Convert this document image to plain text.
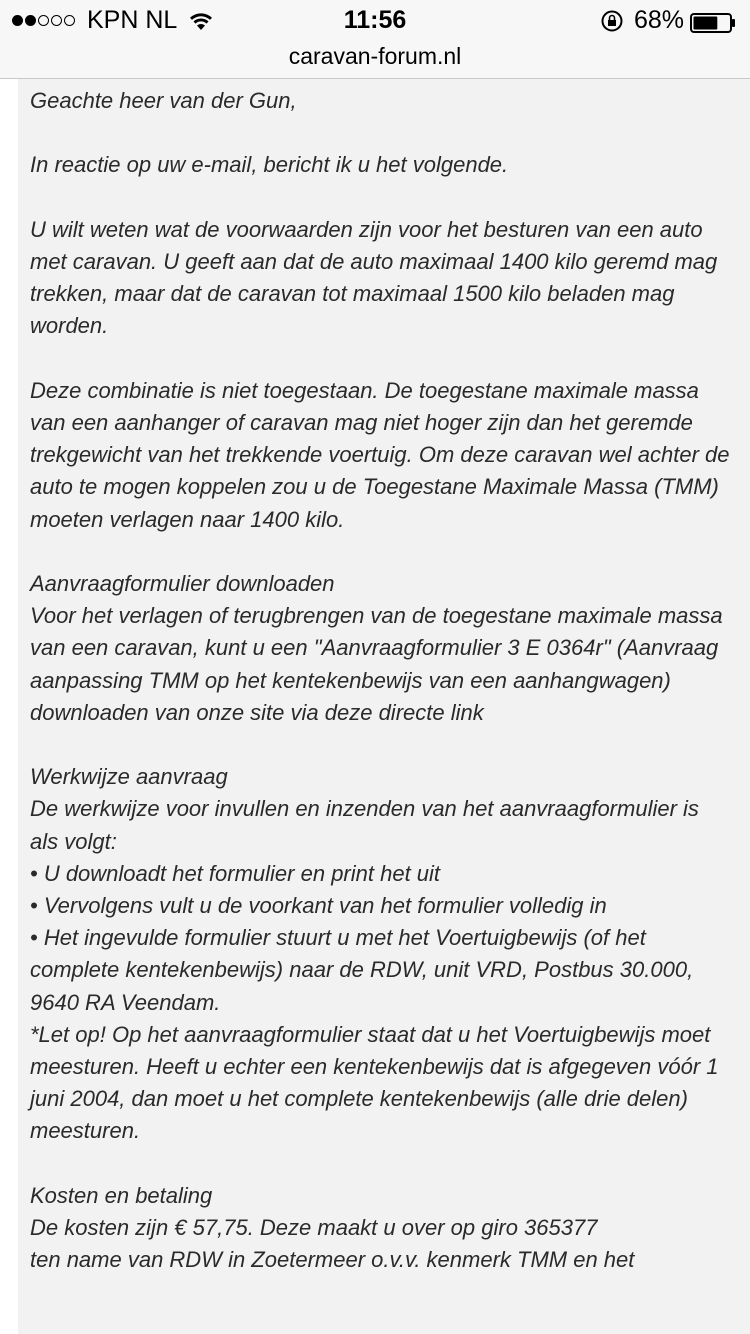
KPN NL	11:56	68%
caravan-forum.nl

Geachte heer van der Gun,

In reactie op uw e-mail, bericht ik u het volgende.

U wilt weten wat de voorwaarden zijn voor het besturen van een auto met caravan. U geeft aan dat de auto maximaal 1400 kilo geremd mag trekken, maar dat de caravan tot maximaal 1500 kilo beladen mag worden.

Deze combinatie is niet toegestaan. De toegestane maximale massa van een aanhanger of caravan mag niet hoger zijn dan het geremde trekgewicht van het trekkende voertuig. Om deze caravan wel achter de auto te mogen koppelen zou u de Toegestane Maximale Massa (TMM) moeten verlagen naar 1400 kilo.

Aanvraagformulier downloaden
Voor het verlagen of terugbrengen van de toegestane maximale massa van een caravan, kunt u een "Aanvraagformulier 3 E 0364r" (Aanvraag aanpassing TMM op het kentekenbewijs van een aanhangwagen) downloaden van onze site via deze directe link

Werkwijze aanvraag
De werkwijze voor invullen en inzenden van het aanvraagformulier is als volgt:
• U downloadt het formulier en print het uit
• Vervolgens vult u de voorkant van het formulier volledig in
• Het ingevulde formulier stuurt u met het Voertuigbewijs (of het complete kentekenbewijs) naar de RDW, unit VRD, Postbus 30.000, 9640 RA Veendam.
*Let op! Op het aanvraagformulier staat dat u het Voertuigbewijs moet meesturen. Heeft u echter een kentekenbewijs dat is afgegeven vóór 1 juni 2004, dan moet u het complete kentekenbewijs (alle drie delen) meesturen.

Kosten en betaling
De kosten zijn € 57,75. Deze maakt u over op giro 365377
ten name van RDW in Zoetermeer o.v.v. kenmerk TMM en het
